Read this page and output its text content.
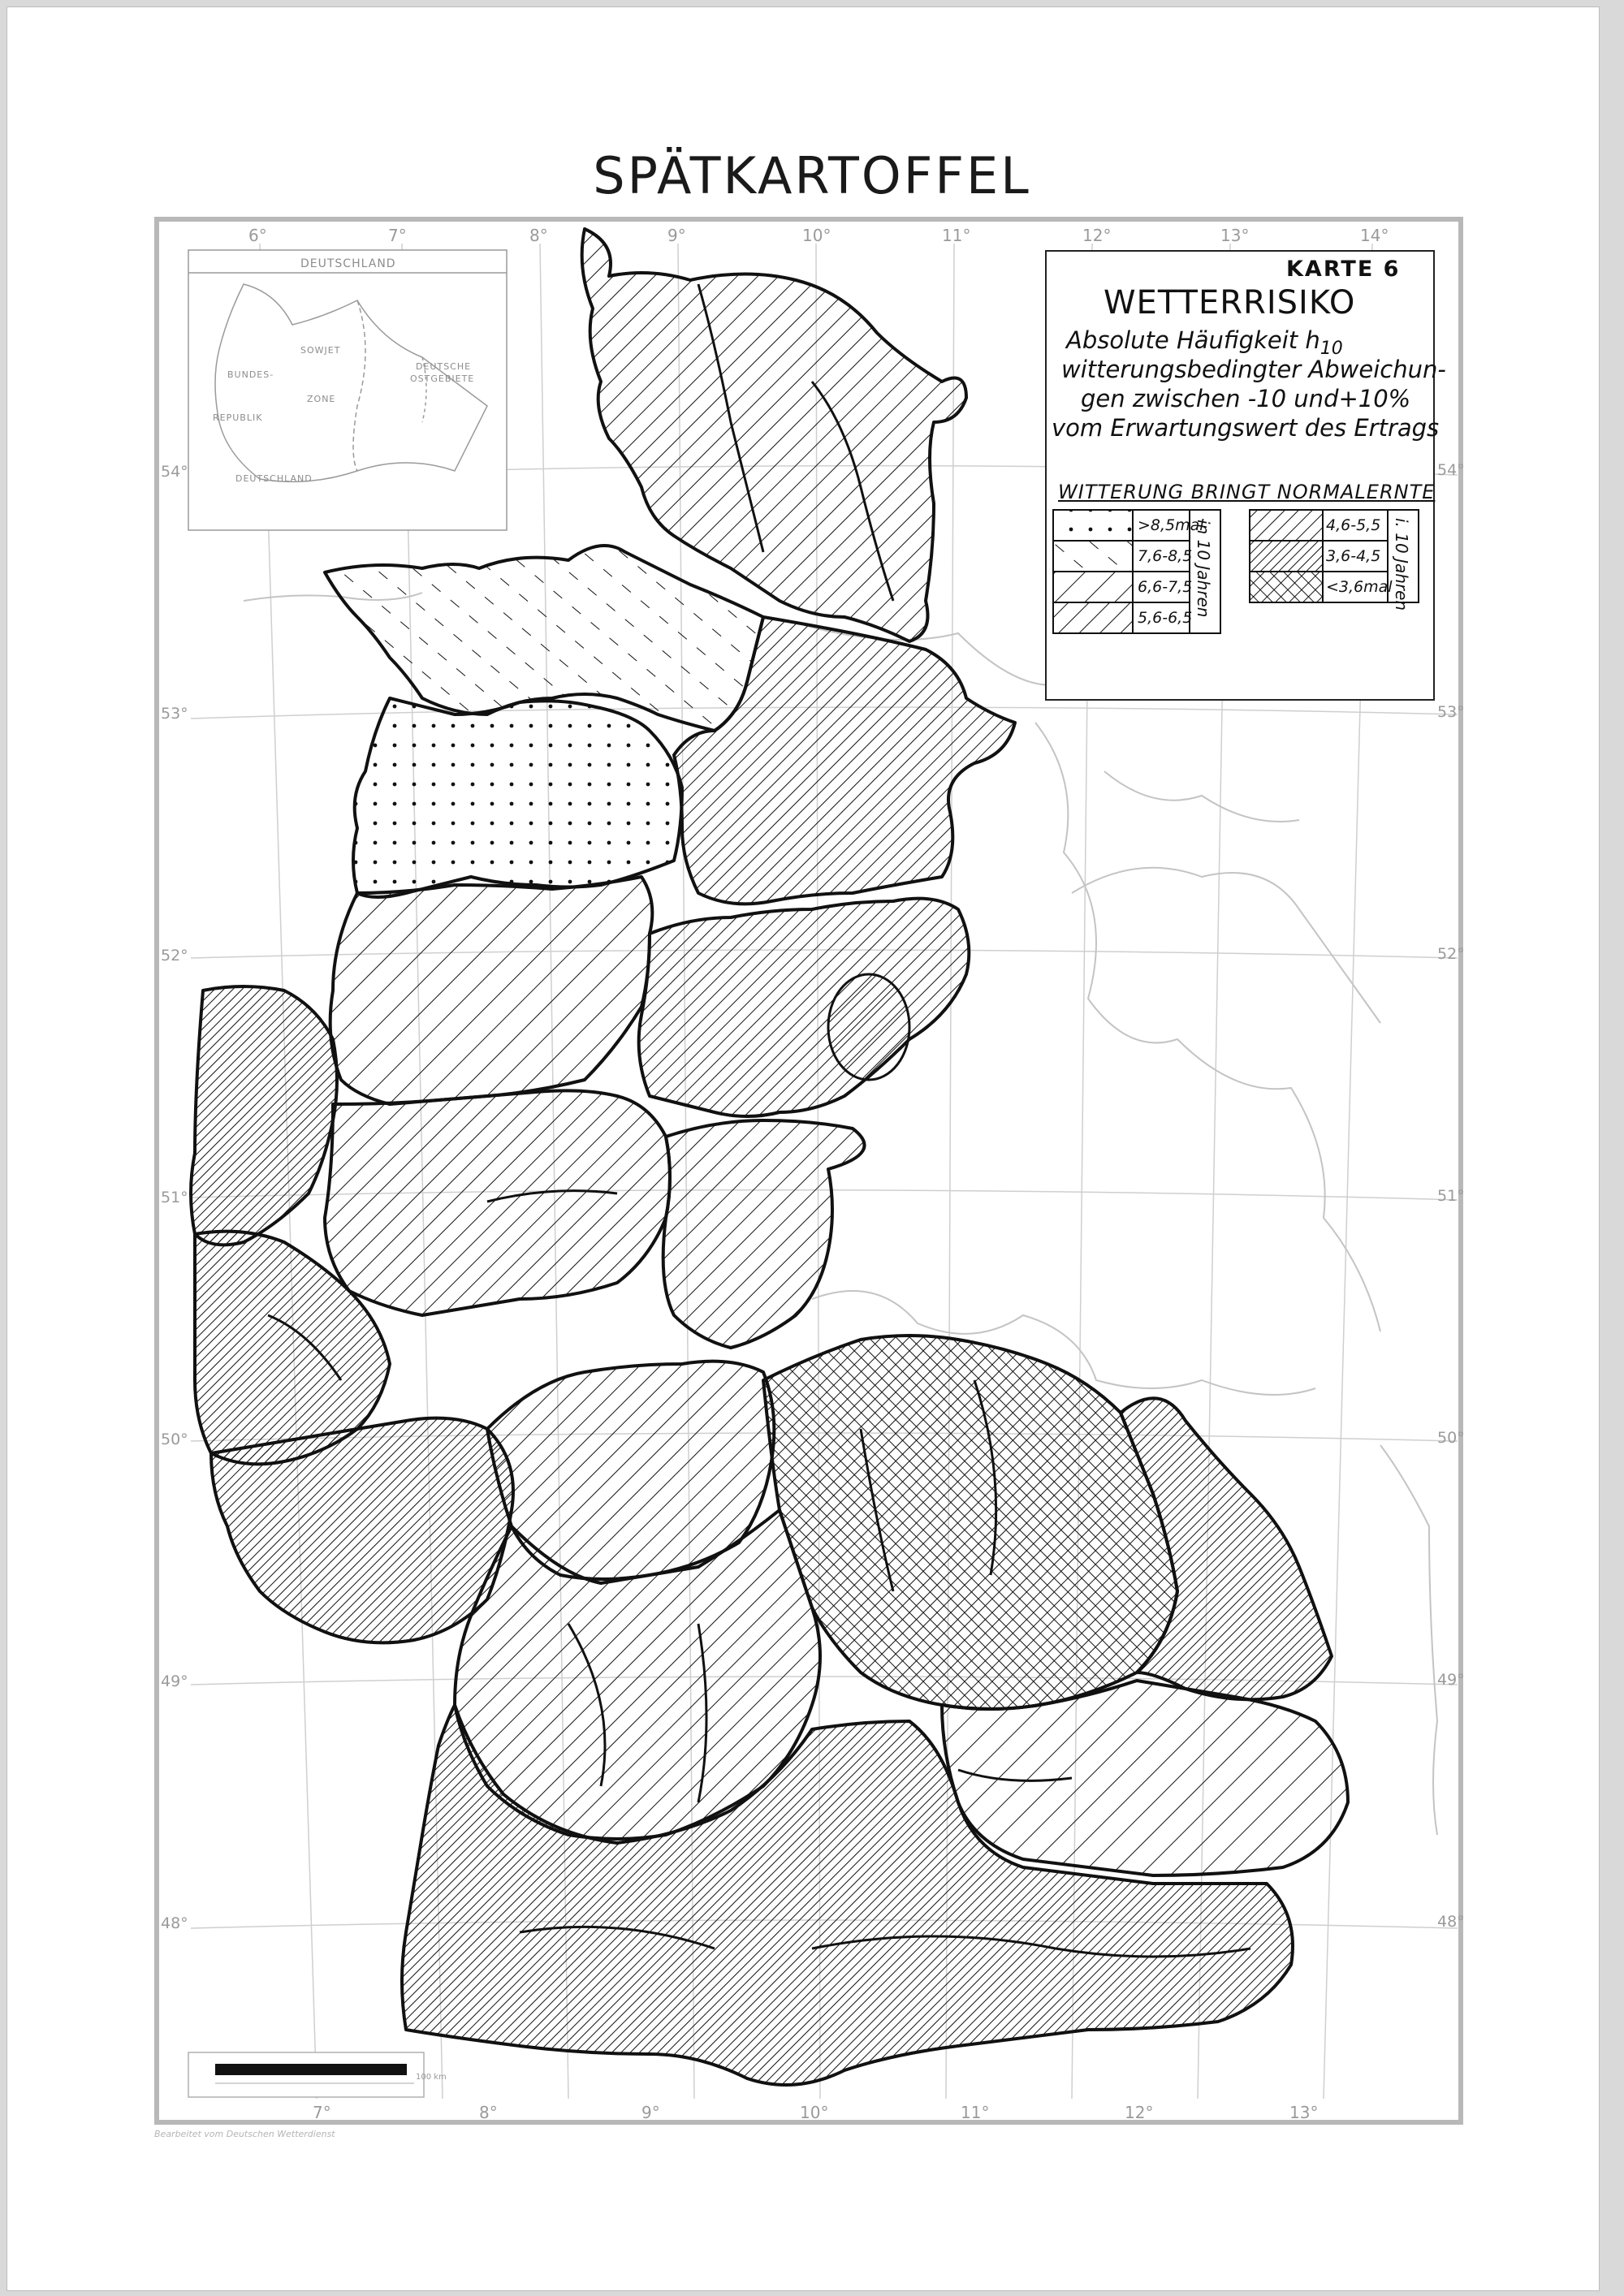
SPÄTKARTOFFEL
6°	7°	8°	9°	10°	11°	12°	13°	14°
7°	8°	9°	10°	11°	12°	13°
54°
53°
52°
51°
50°
49°
48°
54°
53°
52°
51°
50°
49°
48°
DEUTSCHLAND
SOWJET
BUNDES-
ZONE
REPUBLIK
DEUTSCHLAND
DEUTSCHE
OSTGEBIETE
KARTE 6
WETTERRISIKO
Absolute Häufigkeit $h_{10}$
witterungsbedingter Abweichun-
gen zwischen -10 und+10%
vom Erwartungswert des Ertrags
WITTERUNG BRINGT NORMALERNTE
>8,5mal
7,6-8,5
6,6-7,5
5,6-6,5
4,6-5,5
3,6-4,5
<3,6mal
in 10 Jahren	i. 10 Jahren
100 km
Bearbeitet vom Deutschen Wetterdienst
